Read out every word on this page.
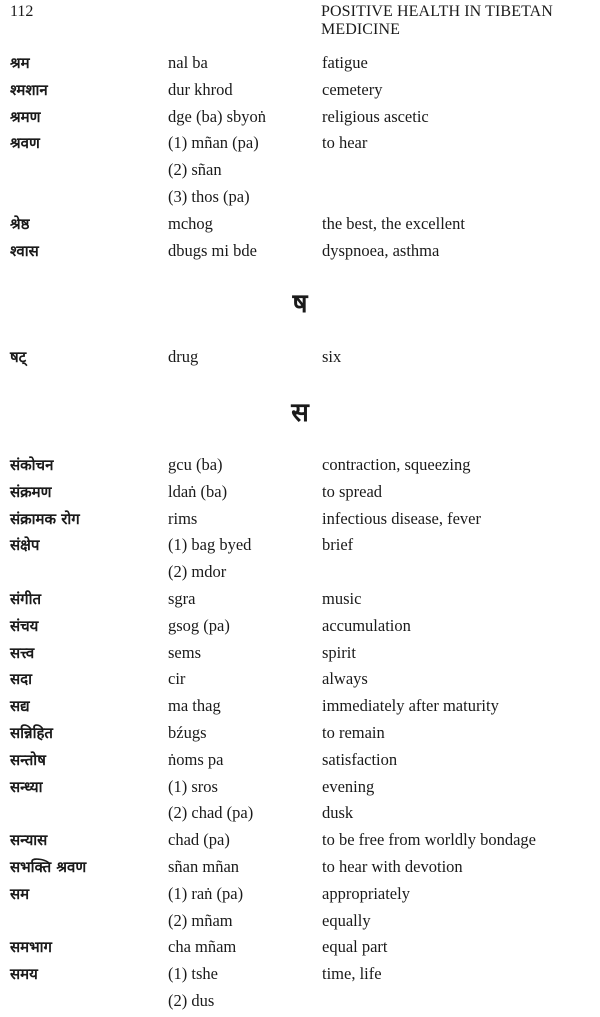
112	POSITIVE HEALTH IN TIBETAN MEDICINE
श्रम	nal ba	fatigue
श्मशान	dur khrod	cemetery
श्रमण	dge (ba) sbyoṅ	religious ascetic
श्रवण	(1) mñan (pa)	to hear
(2) sñan
(3) thos (pa)
श्रेष्ठ	mchog	the best, the excellent
श्वास	dbugs mi bde	dyspnoea, asthma
ष
षट्	drug	six
स
संकोचन	gcu (ba)	contraction, squeezing
संक्रमण	ldaṅ (ba)	to spread
संक्रामक रोग	rims	infectious disease, fever
संक्षेप	(1) bag byed	brief
(2) mdor
संगीत	sgra	music
संचय	gsog (pa)	accumulation
सत्त्व	sems	spirit
सदा	cir	always
सद्य	ma thag	immediately after maturity
सन्निहित	bźugs	to remain
सन्तोष	ṅoms pa	satisfaction
सन्ध्या	(1) sros	evening
(2) chad (pa)	dusk
सन्यास	chad (pa)	to be free from worldly bondage
सभक्ति श्रवण	sñan mñan	to hear with devotion
सम	(1) raṅ (pa)	appropriately
(2) mñam	equally
समभाग	cha mñam	equal part
समय	(1) tshe	time, life
(2) dus
